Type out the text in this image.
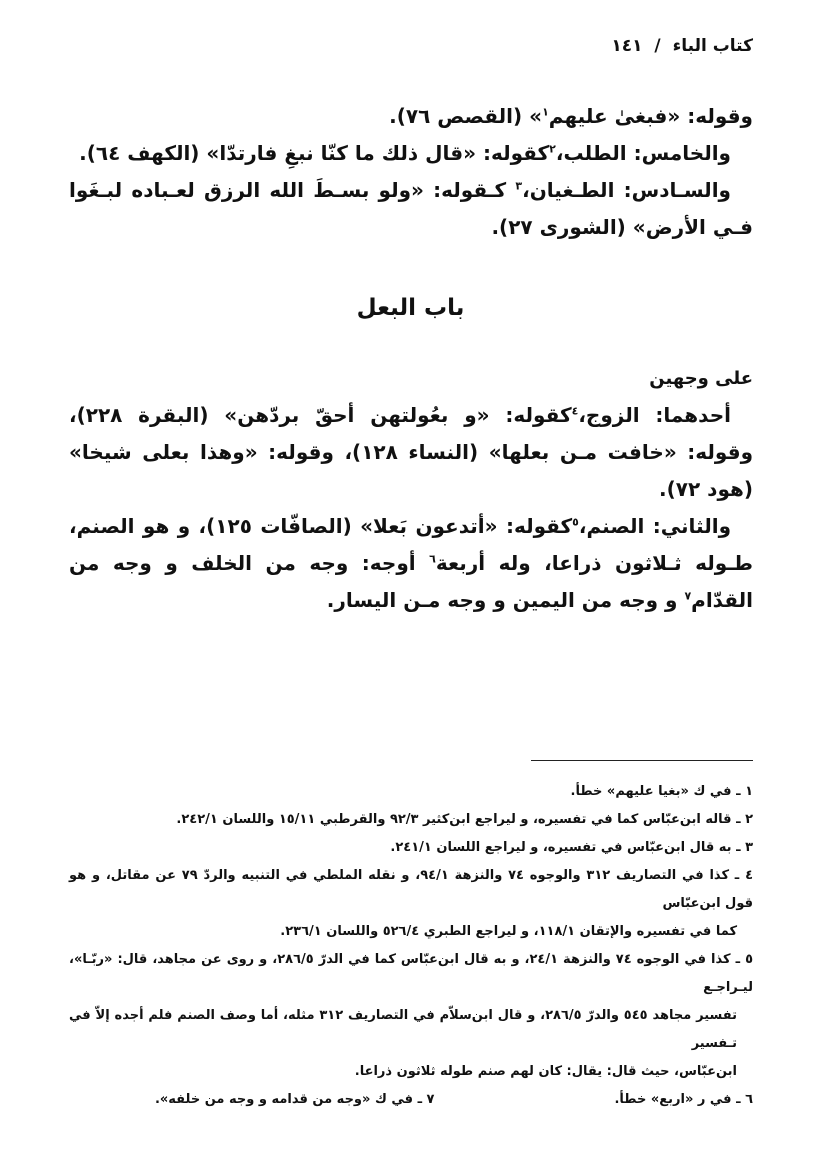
كتاب الباء / ١٤١

وقوله: «فبغىٰ عليهم$^١$» (القصص ٧٦).

والخامس: الطلب،$^٢$كقوله: «قال ذلك ما كنّا نبغِ فارتدّا» (الكهف ٦٤).

والسـادس: الطـغيان،$^٣$ كـقوله: «ولو بسـطَ الله الرزق لعـباده لبـغَوا فـي الأرض» (الشورى ٢٧).

باب البعل

على وجهين

أحدهما: الزوج،$^٤$كقوله: «و بعُولتهن أحقّ بردّهن» (البقرة ٢٢٨)، وقوله: «خافت مـن بعلها» (النساء ١٢٨)، وقوله: «وهذا بعلى شيخا» (هود ٧٢).

والثاني: الصنم،$^٥$كقوله: «أتدعون بَعلا» (الصافّات ١٢٥)، و هو الصنم، طـوله ثـلاثون ذراعا، وله أربعة$^٦$ أوجه: وجه من الخلف و وجه من القدّام$^٧$ و وجه من اليمين و وجه مـن اليسار.

١ ـ في ك «بغيا عليهم» خطأ.

٢ ـ قاله ابن‌عبّاس كما في تفسيره، و ليراجع ابن‌كثير ٩٢/٣ والقرطبي ١٥/١١ واللسان ٢٤٢/١.

٣ ـ به قال ابن‌عبّاس في تفسيره، و ليراجع اللسان ٢٤١/١.

٤ ـ كذا في التصاريف ٣١٢ والوجوه ٧٤ والنزهة ٩٤/١، و نقله الملطي في التنبيه والردّ ٧٩ عن مقاتل، و هو قول ابن‌عبّاس

كما في تفسيره والإتقان ١١٨/١، و ليراجع الطبري ٥٢٦/٤ واللسان ٢٣٦/١.

٥ ـ كذا في الوجوه ٧٤ والنزهة ٢٤/١، و به قال ابن‌عبّاس كما في الدرّ ٢٨٦/٥، و روى عن مجاهد، قال: «ربّـا»، ليـراجـع

تفسير مجاهد ٥٤٥ والدرّ ٢٨٦/٥، و قال ابن‌سلاّم في التصاريف ٣١٢ مثله، أما وصف الصنم فلم أجده إلاّ في تـفسير

ابن‌عبّاس، حيث قال: يقال: كان لهم صنم طوله ثلاثون ذراعا.

٦ ـ في ر «اربع» خطأ.

٧ ـ في ك «وجه من قدامه و وجه من خلفه».
